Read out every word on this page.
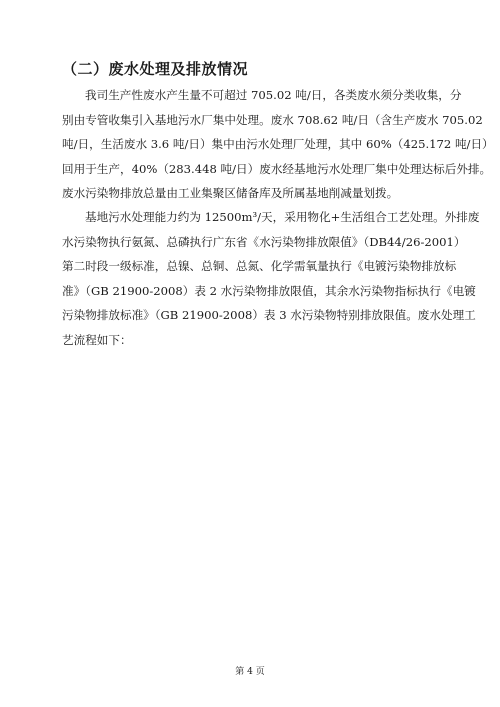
（二）废水处理及排放情况
我司生产性废水产生量不可超过 705.02 吨/日，各类废水须分类收集，分
别由专管收集引入基地污水厂集中处理。废水 708.62 吨/日（含生产废水 705.02
吨/日，生活废水 3.6 吨/日）集中由污水处理厂处理，其中 60%（425.172 吨/日）
回用于生产，40%（283.448 吨/日）废水经基地污水处理厂集中处理达标后外排。
废水污染物排放总量由工业集聚区储备库及所属基地削减量划拨。
基地污水处理能力约为 12500m³/天，采用物化+生活组合工艺处理。外排废
水污染物执行氨氮、总磷执行广东省《水污染物排放限值》（DB44/26-2001）
第二时段一级标准，总镍、总铜、总氮、化学需氧量执行《电镀污染物排放标
准》（GB 21900-2008）表 2 水污染物排放限值，其余水污染物指标执行《电镀
污染物排放标准》（GB 21900-2008）表 3 水污染物特别排放限值。废水处理工
艺流程如下：
第 4 页
